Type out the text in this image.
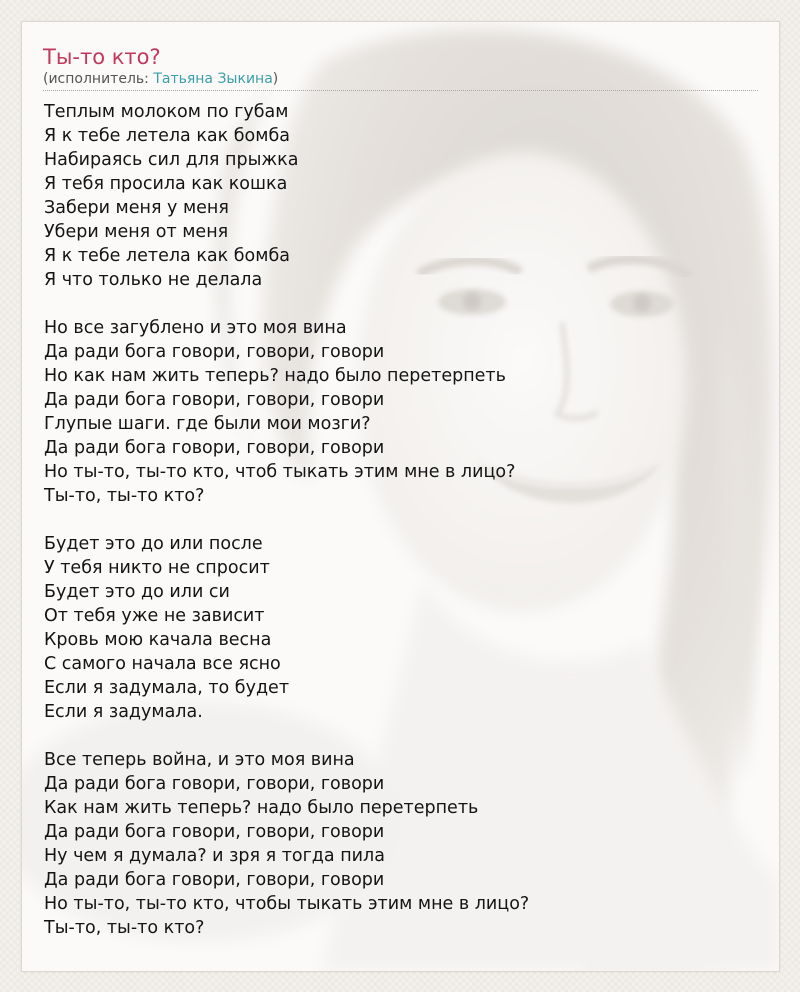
Ты-то кто?
(исполнитель: Татьяна Зыкина)
Теплым молоком по губам
Я к тебе летела как бомба
Набираясь сил для прыжка
Я тебя просила как кошка
Забери меня у меня
Убери меня от меня
Я к тебе летела как бомба
Я что только не делала
Но все загублено и это моя вина
Да ради бога говори, говори, говори
Но как нам жить теперь? надо было перетерпеть
Да ради бога говори, говори, говори
Глупые шаги. где были мои мозги?
Да ради бога говори, говори, говори
Но ты-то, ты-то кто, чтоб тыкать этим мне в лицо?
Ты-то, ты-то кто?
Будет это до или после
У тебя никто не спросит
Будет это до или си
От тебя уже не зависит
Кровь мою качала весна
С самого начала все ясно
Если я задумала, то будет
Если я задумала.
Все теперь война, и это моя вина
Да ради бога говори, говори, говори
Как нам жить теперь? надо было перетерпеть
Да ради бога говори, говори, говори
Ну чем я думала? и зря я тогда пила
Да ради бога говори, говори, говори
Но ты-то, ты-то кто, чтобы тыкать этим мне в лицо?
Ты-то, ты-то кто?
